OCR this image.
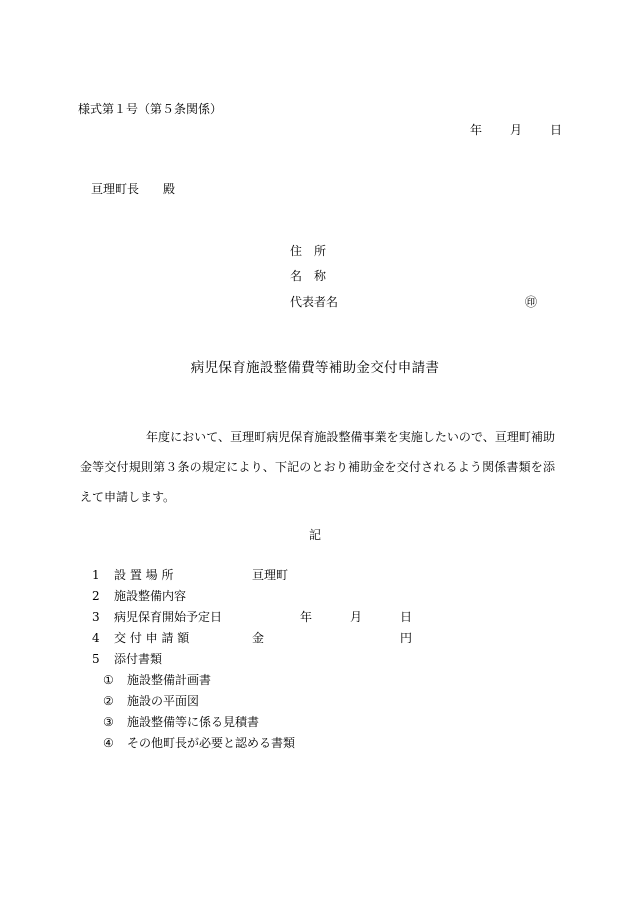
様式第１号（第５条関係）
年 月 日
亘理町長 殿
住　所
名　称
代表者名	㊞
病児保育施設整備費等補助金交付申請書
年度において、亘理町病児保育施設整備事業を実施したいので、亘理町補助金等交付規則第３条の規定により、下記のとおり補助金を交付されるよう関係書類を添えて申請します。
記
1 設 置 場 所	亘理町
2 施設整備内容
3 病児保育開始予定日	年	月	日
4 交 付 申 請 額	金	円
5 添付書類
① 施設整備計画書
② 施設の平面図
③ 施設整備等に係る見積書
④ その他町長が必要と認める書類
